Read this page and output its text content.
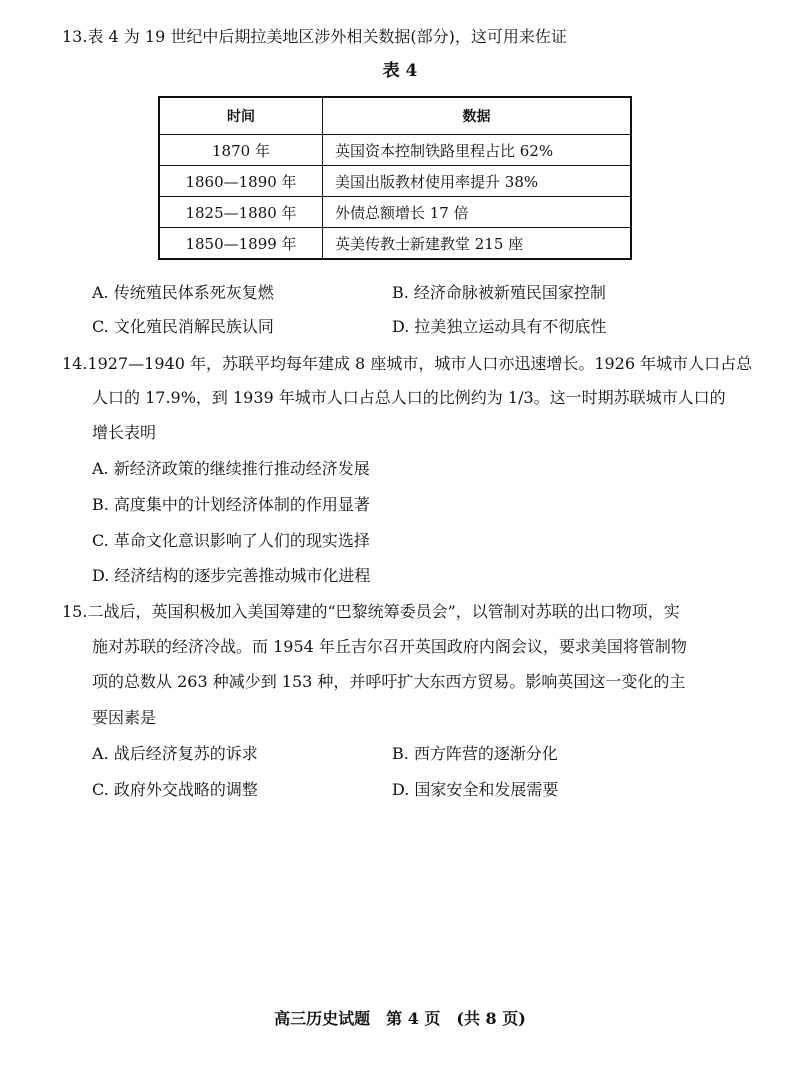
13.表 4 为 19 世纪中后期拉美地区涉外相关数据(部分)，这可用来佐证
表 4
时间	数据
1870 年	英国资本控制铁路里程占比 62%
1860—1890 年	美国出版教材使用率提升 38%
1825—1880 年	外债总额增长 17 倍
1850—1899 年	英美传教士新建教堂 215 座
A. 传统殖民体系死灰复燃	B. 经济命脉被新殖民国家控制
C. 文化殖民消解民族认同	D. 拉美独立运动具有不彻底性
14.1927—1940 年，苏联平均每年建成 8 座城市，城市人口亦迅速增长。1926 年城市人口占总
人口的 17.9%，到 1939 年城市人口占总人口的比例约为 1/3。这一时期苏联城市人口的
增长表明
A. 新经济政策的继续推行推动经济发展
B. 高度集中的计划经济体制的作用显著
C. 革命文化意识影响了人们的现实选择
D. 经济结构的逐步完善推动城市化进程
15.二战后，英国积极加入美国筹建的“巴黎统筹委员会”，以管制对苏联的出口物项，实
施对苏联的经济冷战。而 1954 年丘吉尔召开英国政府内阁会议，要求美国将管制物
项的总数从 263 种减少到 153 种，并呼吁扩大东西方贸易。影响英国这一变化的主
要因素是
A. 战后经济复苏的诉求	B. 西方阵营的逐渐分化
C. 政府外交战略的调整	D. 国家安全和发展需要
高三历史试题　第 4 页　(共 8 页)
